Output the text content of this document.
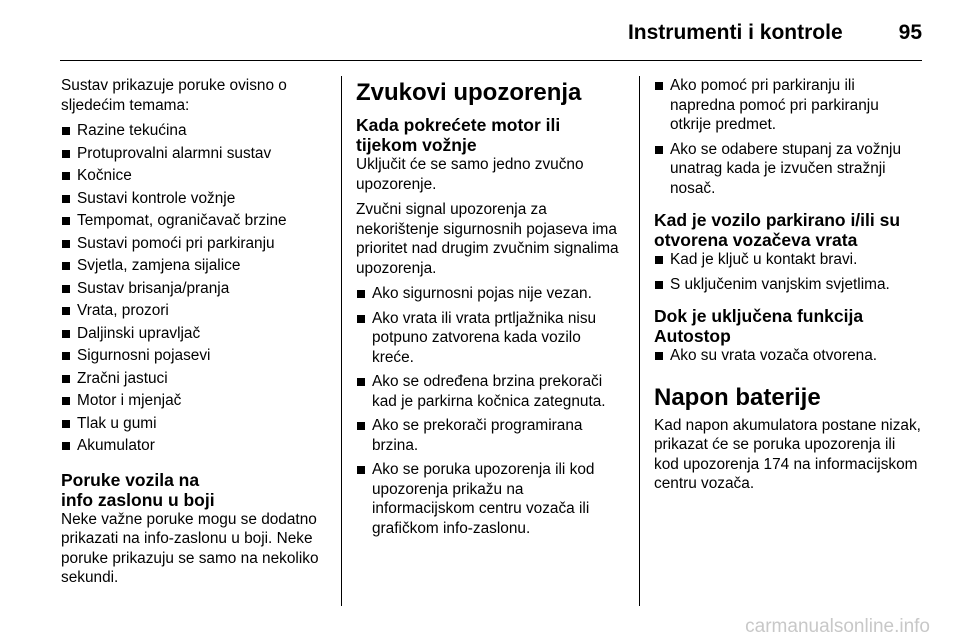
Instrumenti i kontrole	95

Sustav prikazuje poruke ovisno o sljedećim temama:

Razine tekućina
Protuprovalni alarmni sustav
Kočnice
Sustavi kontrole vožnje
Tempomat, ograničavač brzine
Sustavi pomoći pri parkiranju
Svjetla, zamjena sijalice
Sustav brisanja/pranja
Vrata, prozori
Daljinski upravljač
Sigurnosni pojasevi
Zračni jastuci
Motor i mjenjač
Tlak u gumi
Akumulator
Poruke vozila na
info zaslonu u boji

Neke važne poruke mogu se dodatno prikazati na info-zaslonu u boji. Neke poruke prikazuju se samo na nekoliko sekundi.

Zvukovi upozorenja
Kada pokrećete motor ili tijekom vožnje

Uključit će se samo jedno zvučno upozorenje.

Zvučni signal upozorenja za nekorištenje sigurnosnih pojaseva ima prioritet nad drugim zvučnim signalima upozorenja.

Ako sigurnosni pojas nije vezan.
Ako vrata ili vrata prtljažnika nisu potpuno zatvorena kada vozilo kreće.
Ako se određena brzina prekorači kad je parkirna kočnica zategnuta.
Ako se prekorači programirana brzina.
Ako se poruka upozorenja ili kod upozorenja prikažu na informacijskom centru vozača ili grafičkom info-zaslonu.
Ako pomoć pri parkiranju ili napredna pomoć pri parkiranju otkrije predmet.
Ako se odabere stupanj za vožnju unatrag kada je izvučen stražnji nosač.
Kad je vozilo parkirano i/ili su otvorena vozačeva vrata
Kad je ključ u kontakt bravi.
S uključenim vanjskim svjetlima.
Dok je uključena funkcija Autostop
Ako su vrata vozača otvorena.
Napon baterije

Kad napon akumulatora postane nizak, prikazat će se poruka upozorenja ili kod upozorenja 174 na informacijskom centru vozača.

carmanualsonline.info
